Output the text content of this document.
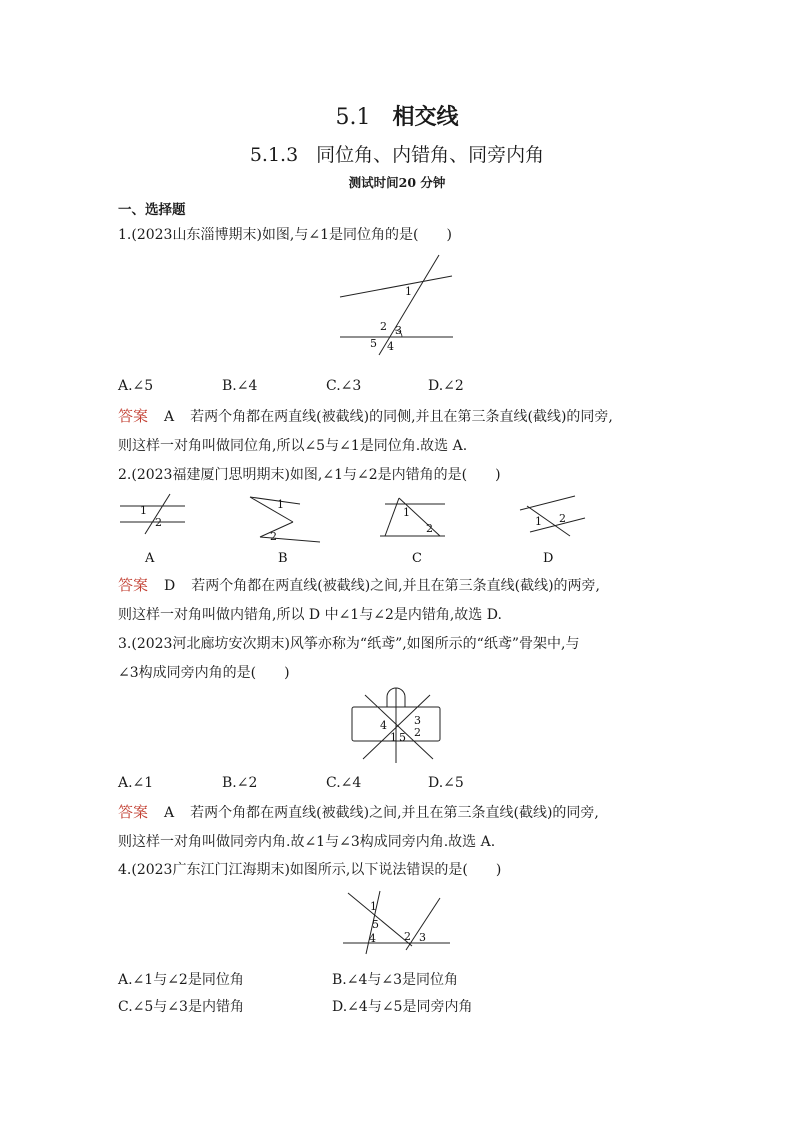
5.1 相交线
5.1.3 同位角、内错角、同旁内角
测试时间20 分钟
一、选择题
1.(2023山东淄博期末)如图,与∠1是同位角的是(　　)
1
2 3
5 4
A.∠5	B.∠4	C.∠3	D.∠2
答案 A 若两个角都在两直线(被截线)的同侧,并且在第三条直线(截线)的同旁,
则这样一对角叫做同位角,所以∠5与∠1是同位角.故选 A.
2.(2023福建厦门思明期末)如图,∠1与∠2是内错角的是(　　)
1
2
A
1
2
B
1
2
C
1 2
D
答案 D 若两个角都在两直线(被截线)之间,并且在第三条直线(截线)的两旁,
则这样一对角叫做内错角,所以 D 中∠1与∠2是内错角,故选 D.
3.(2023河北廊坊安次期末)风筝亦称为“纸鸢”,如图所示的“纸鸢”骨架中,与
∠3构成同旁内角的是(　　)
4 3
1 5 2
A.∠1	B.∠2	C.∠4	D.∠5
答案 A 若两个角都在两直线(被截线)之间,并且在第三条直线(截线)的同旁,
则这样一对角叫做同旁内角.故∠1与∠3构成同旁内角.故选 A.
4.(2023广东江门江海期末)如图所示,以下说法错误的是(　　)
1
5
4	2 3
A.∠1与∠2是同位角	B.∠4与∠3是同位角
C.∠5与∠3是内错角	D.∠4与∠5是同旁内角
